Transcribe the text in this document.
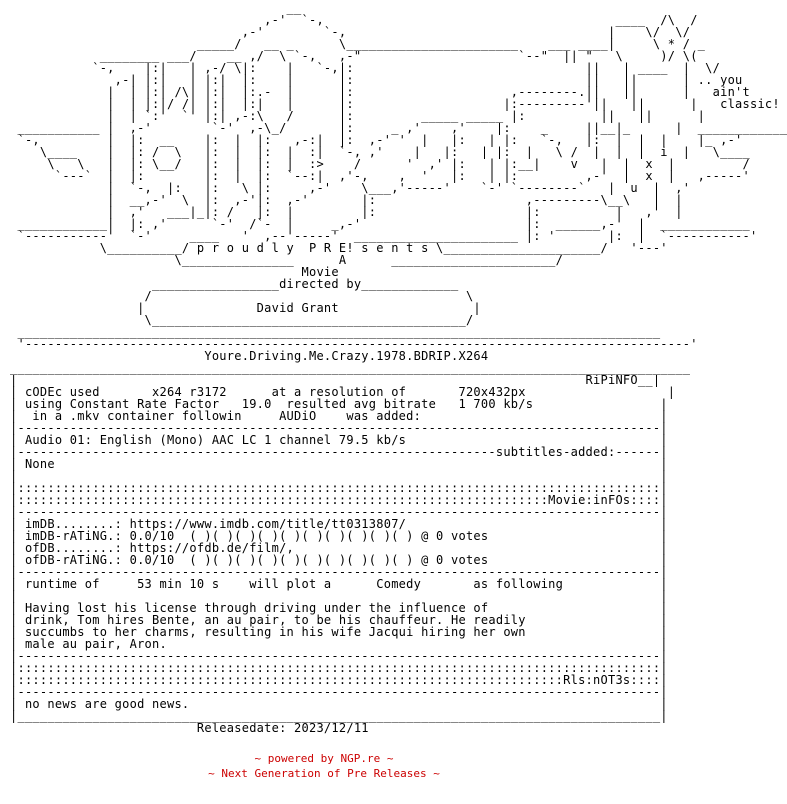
__
,-'  `-,                                       ____  /\  /
,-'        `-,                                   |    \/  \/
_____/   __ _      \_______________________    ___ ____|     \ * / _
________ ___/    __ ,/  \ `-,   ,-"                     `--"  || "   \     )/ \(
`-,    |:|   | ,-/ \|:    |   `-,|:                               ||   | ____  |  \/
,-| |:|   | |:|  |:    |      |:                               ||   ||      | .. you
|  | |:| /\| |:|  |:.-  |      |:                     ,--------.||   ||      |   ain't
|  | |:|/ /| |:|  |:|   |      |:                    |:---------'||   ||      |   classic!
|  | `:'  `' |:| ,-:\   /      |:         _____ _____ |:          ||   ||      |
___________ |  ,-'        `-'  ,-\_/       |:     _ ,'    ,'    |:    _     ||__|_      |  ____________
`-,         |  |:  __    |:  |  |:   ,-:|  |:  ,-' '  |   |:   | |:   `-,   |:  |  |  |    |_ ,-'
\____    |  |: /  \   |:  |  |:  |  :|  `-, ,'    |   |:   | |:  |   \ /  |  |  |  i  |   \____
\   \   |  |: \__/   |:  |  |:  |  :>    /      '  ,' |:   | |:__|    v   |  |  x  |         /
`---`  |  |:        |:  |  |:  `--:|  ,'-,    ,  '   |:   | |:         ,-'  |  x  |   ,-----'
|  `-,  |:   |:   \ |:     ,-'    \___,'-----'    `-' `--------`   |  u  |  ,'
|  __,-'  \  |:  ,-'|:  ,-'       |:                    ,---------\__\   |  |
|  ,'   ___|_|: /   |:  |         |:                    |:          |   ,'  |
____________|  |: ,'      `-'  /`-  |     _,-'                      |:  ______,-'  |  ____________
`-----------'  `-'     ____   '  ,--'-----'  ______________________ |: '       |:  |  `-----------'
\__________/ p r o u d l y  P R E! s e n t s \_____________________/   '---'
\_______________      A      ______________________/
Movie
_________________directed by_____________
/                                          \
|               David Grant                  |
\__________________________________________/
______________________________________________________________________________________
'-----------------------------------------------------------------------------------------'
Youre.Driving.Me.Crazy.1978.BDRIP.X264
___________________________________________________________________________________________
|                                                                            RiPiNFO__|
| cODEc used       x264 r3172      at a resolution of       720x432px                   |
| using Constant Rate Factor   19.0  resulted avg bitrate   1 700 kb/s                 |
|  in a .mkv container followin     AUDiO    was added:                                |
|--------------------------------------------------------------------------------------|
| Audio 01: English (Mono) AAC LC 1 channel 79.5 kb/s                                  |
|----------------------------------------------------------------subtitles-added:------|
| None                                                                                 |
|                                                                                      |
|::::::::::::::::::::::::::::::::::::::::::::::::::::::::::::::::::::::::::::::::::::::|
|:::::::::::::::::::::::::::::::::::::::::::::::::::::::::::::::::::::::Movie:inFOs::::|
|--------------------------------------------------------------------------------------|
| imDB........: https://www.imdb.com/title/tt0313807/                                  |
| imDB-rATiNG.: 0.0/10  ( )( )( )( )( )( )( )( )( )( ) @ 0 votes                       |
| ofDB........: https://ofdb.de/film/,                                                 |
| ofDB-rATiNG.: 0.0/10  ( )( )( )( )( )( )( )( )( )( ) @ 0 votes                       |
|--------------------------------------------------------------------------------------|
| runtime of     53 min 10 s    will plot a      Comedy       as following             |
|                                                                                      |
| Having lost his license through driving under the influence of                       |
| drink, Tom hires Bente, an au pair, to be his chauffeur. He readily                  |
| succumbs to her charms, resulting in his wife Jacqui hiring her own                  |
| male au pair, Aron.                                                                  |
|--------------------------------------------------------------------------------------|
|::::::::::::::::::::::::::::::::::::::::::::::::::::::::::::::::::::::::::::::::::::::|
|:::::::::::::::::::::::::::::::::::::::::::::::::::::::::::::::::::::::::Rls:nOT3s::::|
|--------------------------------------------------------------------------------------|
| no news are good news.                                                               |
|______________________________________________________________________________________|
Releasedate: 2023/12/11
~ powered by NGP.re ~
~ Next Generation of Pre Releases ~
